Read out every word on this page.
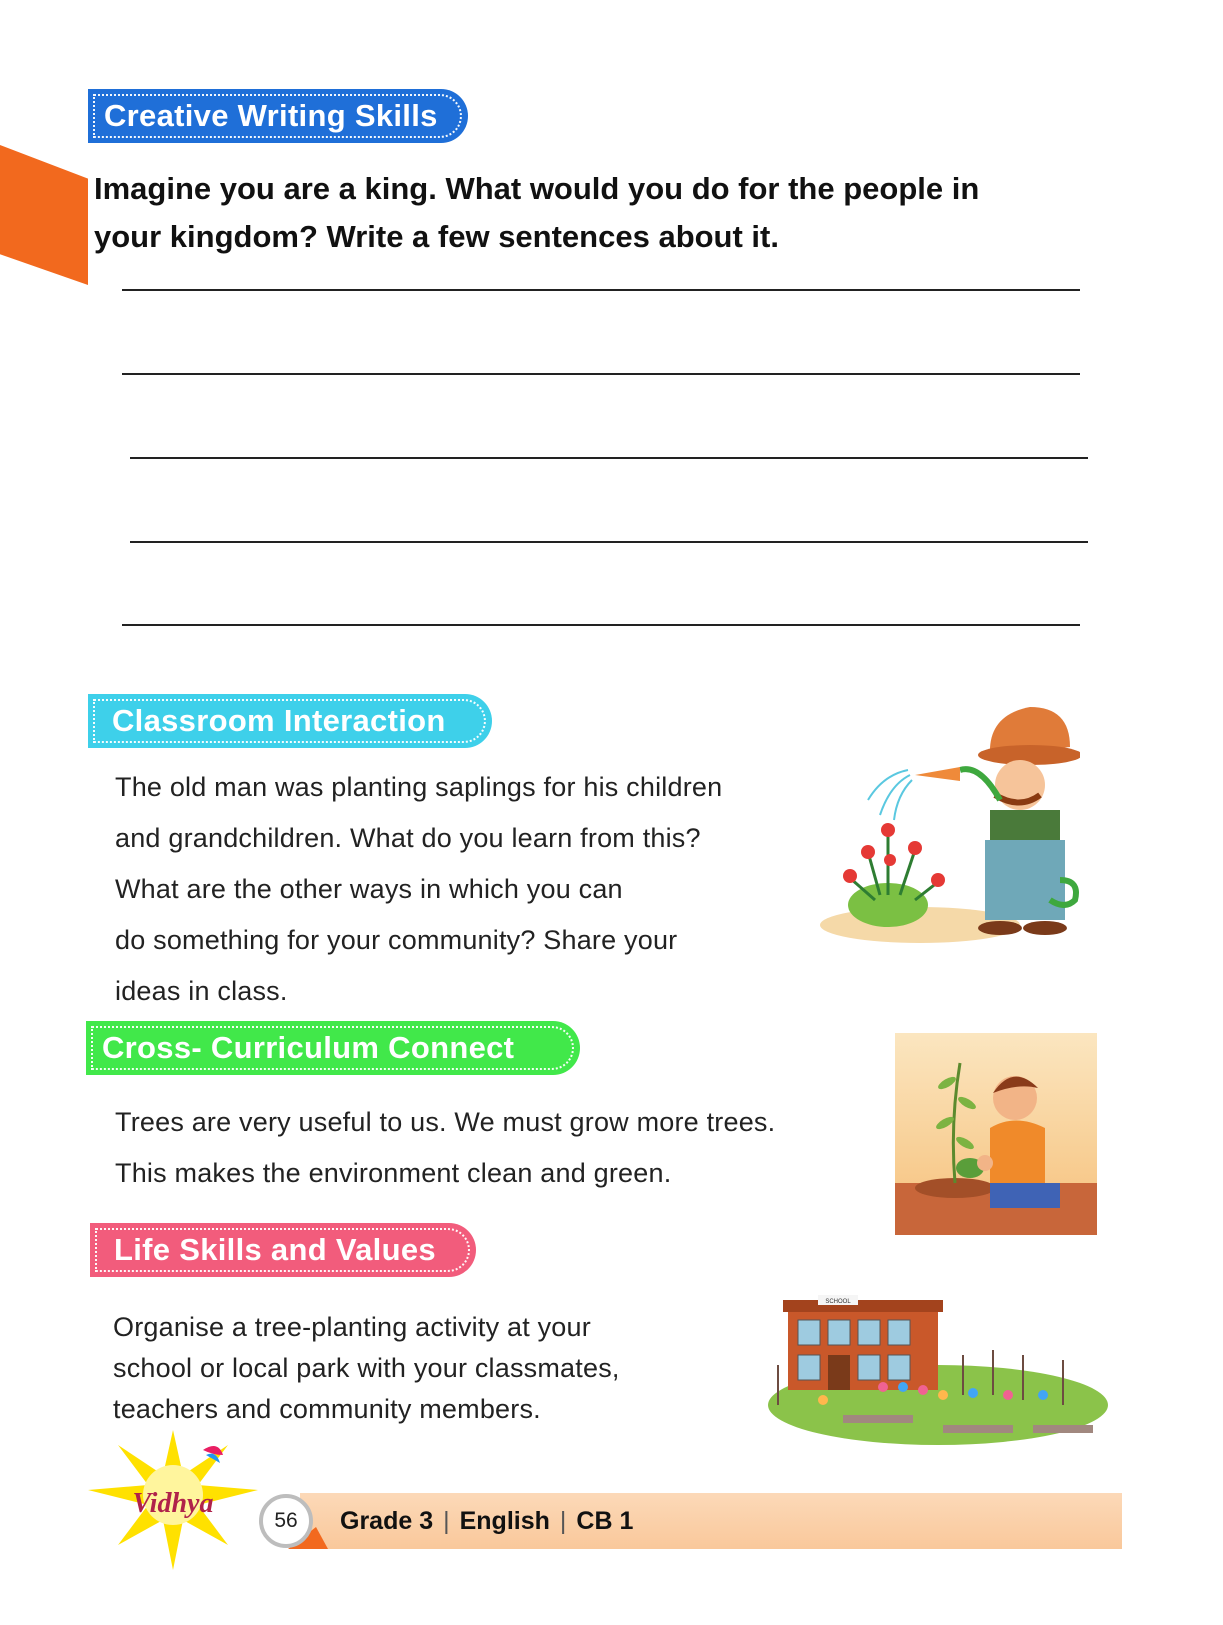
Creative Writing Skills
Imagine you are a king. What would you do for the people in
your kingdom? Write a few sentences about it.
Classroom Interaction

The old man was planting saplings for his children

and grandchildren. What do you learn from this?

What are the other ways in which you can

do something for your community? Share your

ideas in class.

Cross- Curriculum Connect

Trees are very useful to us. We must grow more trees.

This makes the environment clean and green.

Life Skills and Values

Organise a tree-planting activity at your

school or local park with your classmates,

teachers and community members.

SCHOOL
Vidhya
Grade 3 | English | CB 1
56
